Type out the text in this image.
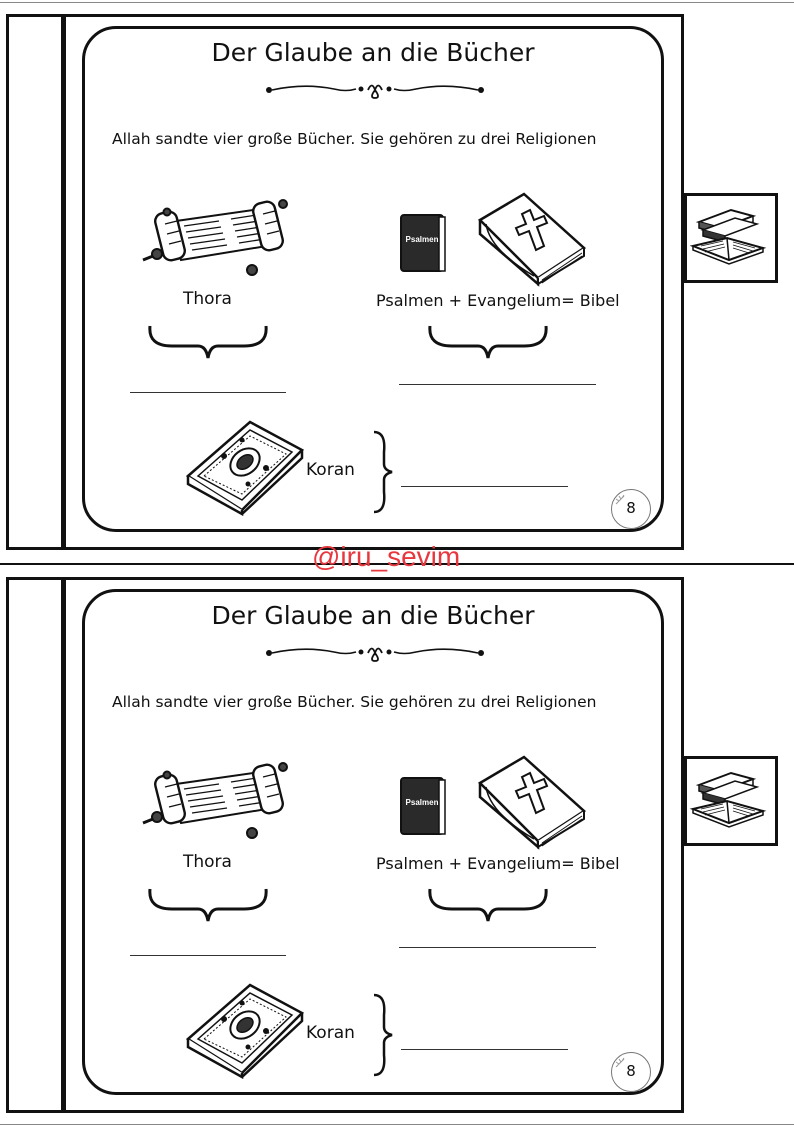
Der Glaube an die Bücher
Allah sandte vier große Bücher. Sie gehören zu drei Religionen
Psalmen
Thora	Psalmen + Evangelium= Bibel
Koran
8
@iru_sevim
Der Glaube an die Bücher
Allah sandte vier große Bücher. Sie gehören zu drei Religionen
Psalmen
Thora	Psalmen + Evangelium= Bibel
Koran
8
